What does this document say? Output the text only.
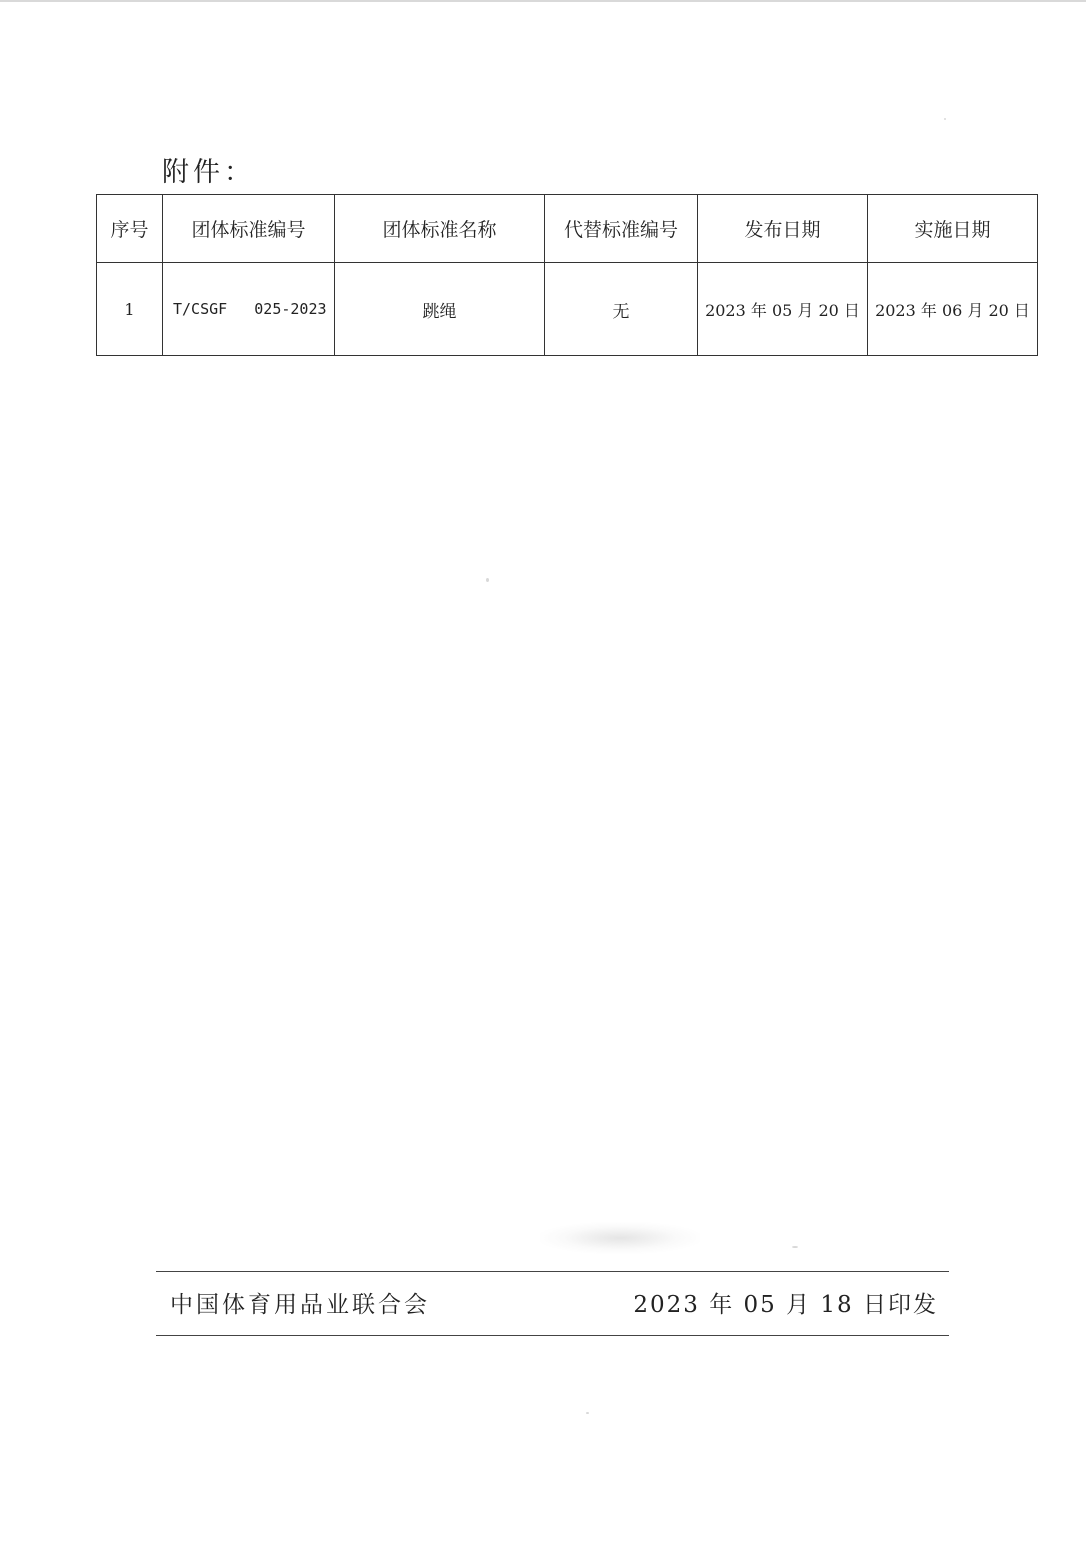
附件：
序号	团体标准编号	团体标准名称	代替标准编号	发布日期	实施日期
1	T/CSGF   025-2023	跳绳	无	2023 年 05 月 20 日	2023 年 06 月 20 日
中国体育用品业联合会	2023 年 05 月 18 日印发
